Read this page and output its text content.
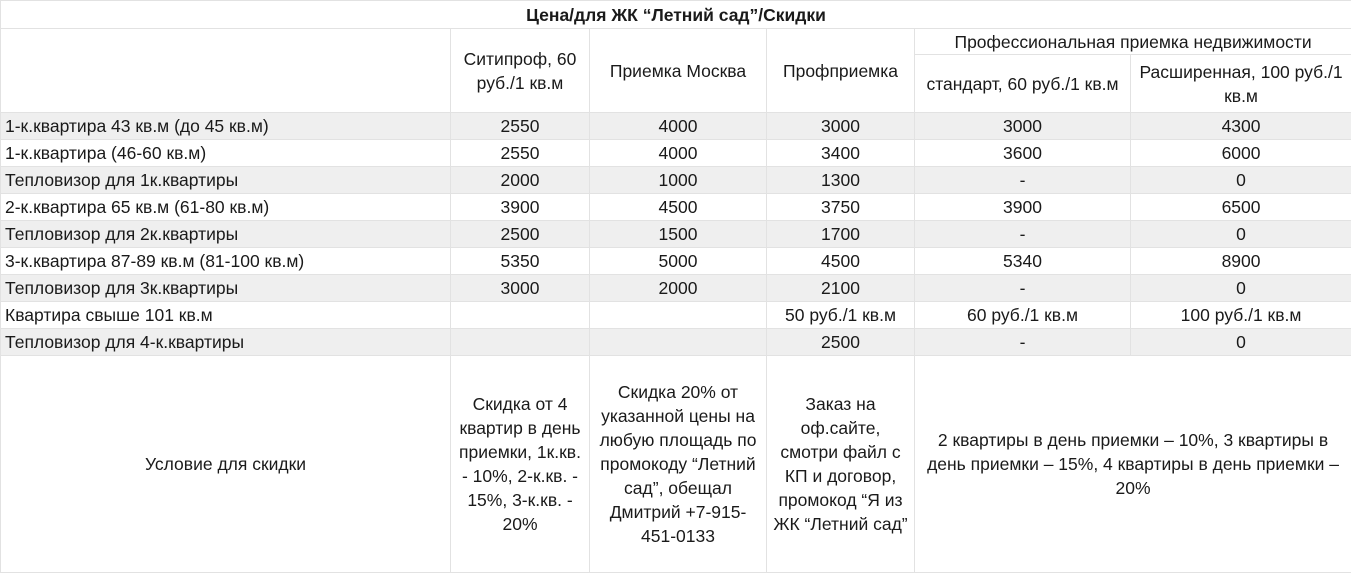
Цена/для ЖК “Летний сад”/Скидки					
	Ситипроф, 60 руб./1 кв.м	Приемка Москва	Профприемка	Профессиональная приемка недвижимости	
				стандарт, 60 руб./1 кв.м	Расширенная, 100 руб./1 кв.м
1-к.квартира 43 кв.м (до 45 кв.м)	2550	4000	3000	3000	4300
1-к.квартира (46-60 кв.м)	2550	4000	3400	3600	6000
Тепловизор для 1к.квартиры	2000	1000	1300	-	0
2-к.квартира 65 кв.м (61-80 кв.м)	3900	4500	3750	3900	6500
Тепловизор для 2к.квартиры	2500	1500	1700	-	0
3-к.квартира 87-89 кв.м (81-100 кв.м)	5350	5000	4500	5340	8900
Тепловизор для 3к.квартиры	3000	2000	2100	-	0
Квартира свыше 101 кв.м			50 руб./1 кв.м	60 руб./1 кв.м	100 руб./1 кв.м
Тепловизор для 4-к.квартиры			2500	-	0
Условие для скидки	Скидка от 4 квартир в день приемки, 1к.кв. - 10%, 2-к.кв. - 15%, 3-к.кв. - 20%	Скидка 20% от указанной цены на любую площадь по промокоду “Летний сад”, обещал Дмитрий +7-915-451-0133	Заказ на оф.сайте, смотри файл с КП и договор, промокод “Я из ЖК “Летний сад”	2 квартиры в день приемки – 10%, 3 квартиры в день приемки – 15%, 4 квартиры в день приемки – 20%	
